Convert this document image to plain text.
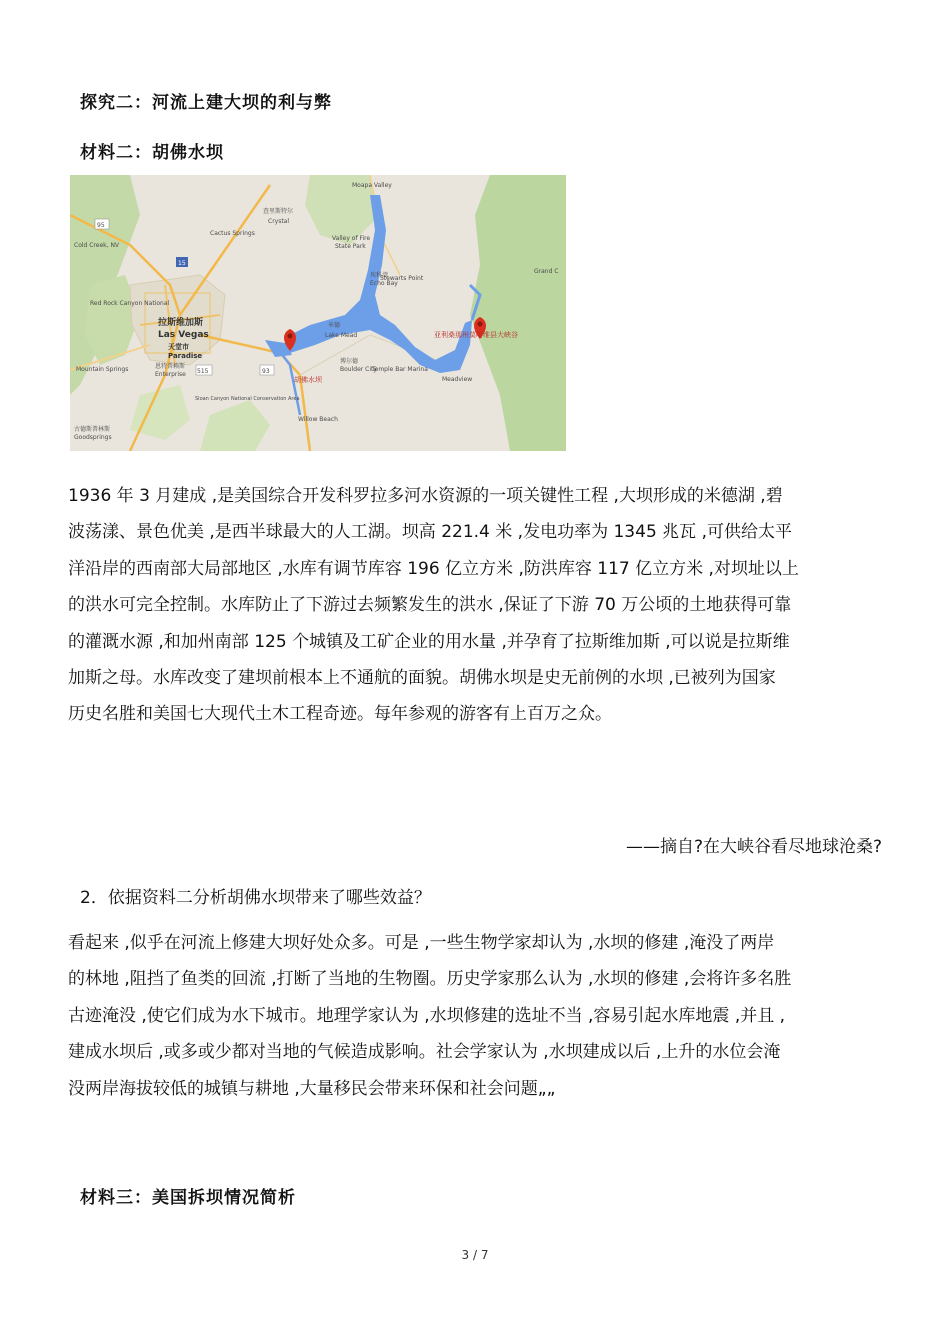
探究二：河流上建大坝的利与弊
材料二：胡佛水坝
95
15
93
515
Moapa Valley
查里斯特尔
Crystal
Valley of Fire
State Park
Stewarts Point
埃科湾
Echo Bay
Cactus Springs
Cold Creek, NV
Red Rock Canyon National
米德
Lake Mead
博尔德
Boulder City
Temple Bar Marina
恩特普赖斯
Enterprise
Mountain Springs
Meadview
Willow Beach
古德斯普林斯
Goodsprings
Grand C
Sloan Canyon National Conservation Area
拉斯维加斯
Las Vegas
天堂市
Paradise
胡佛水坝
亚利桑那州莫哈维县大峡谷
1936 年 3 月建成 ,是美国综合开发科罗拉多河水资源的一项关键性工程 ,大坝形成的米德湖 ,碧
波荡漾、景色优美 ,是西半球最大的人工湖。坝高 221.4 米 ,发电功率为 1345 兆瓦 ,可供给太平
洋沿岸的西南部大局部地区 ,水库有调节库容 196 亿立方米 ,防洪库容 117 亿立方米 ,对坝址以上
的洪水可完全控制。水库防止了下游过去频繁发生的洪水 ,保证了下游 70 万公顷的土地获得可靠
的灌溉水源 ,和加州南部 125 个城镇及工矿企业的用水量 ,并孕育了拉斯维加斯 ,可以说是拉斯维
加斯之母。水库改变了建坝前根本上不通航的面貌。胡佛水坝是史无前例的水坝 ,已被列为国家
历史名胜和美国七大现代土木工程奇迹。每年参观的游客有上百万之众。
——摘自?在大峡谷看尽地球沧桑?
2．依据资料二分析胡佛水坝带来了哪些效益？
看起来 ,似乎在河流上修建大坝好处众多。可是 ,一些生物学家却认为 ,水坝的修建 ,淹没了两岸
的林地 ,阻挡了鱼类的回流 ,打断了当地的生物圈。历史学家那么认为 ,水坝的修建 ,会将许多名胜
古迹淹没 ,使它们成为水下城市。地理学家认为 ,水坝修建的选址不当 ,容易引起水库地震 ,并且 ,
建成水坝后 ,或多或少都对当地的气候造成影响。社会学家认为 ,水坝建成以后 ,上升的水位会淹
没两岸海拔较低的城镇与耕地 ,大量移民会带来环保和社会问题„„
材料三：美国拆坝情况简析
3 / 7
